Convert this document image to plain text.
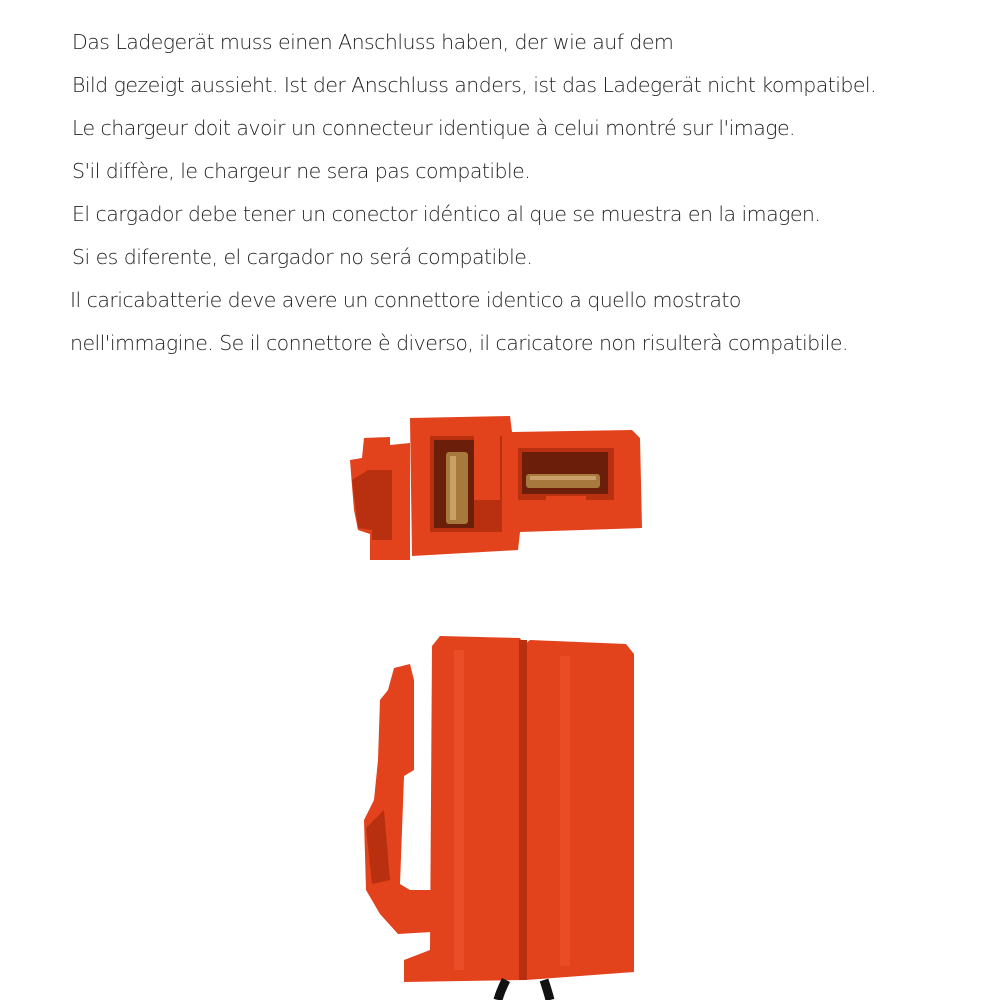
Das Ladegerät muss einen Anschluss haben, der wie auf dem
Bild gezeigt aussieht. Ist der Anschluss anders, ist das Ladegerät nicht kompatibel.
Le chargeur doit avoir un connecteur identique à celui montré sur l'image.
S'il diffère, le chargeur ne sera pas compatible.
El cargador debe tener un conector idéntico al que se muestra en la imagen.
Si es diferente, el cargador no será compatible.
Il caricabatterie deve avere un connettore identico a quello mostrato
nell'immagine. Se il connettore è diverso, il caricatore non risulterà compatibile.
